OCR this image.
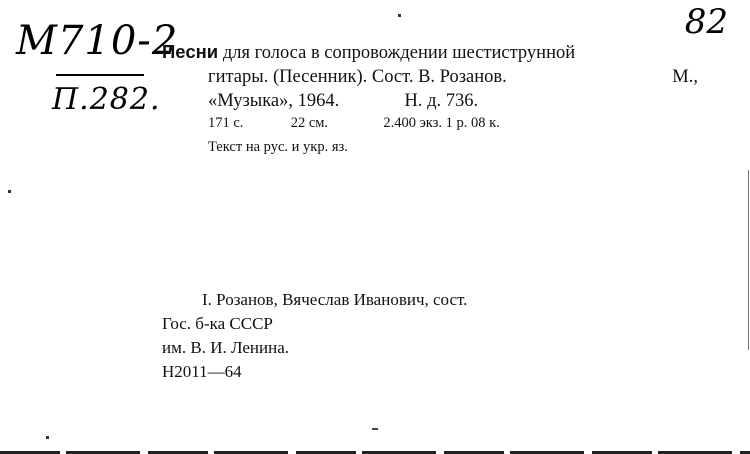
M710-2
П.282.
82
Песни для голоса в сопровождении шестиструнной
гитары. (Песенник). Сост. В. Розанов.	М.,
«Музыка», 1964.	Н. д. 736.
171 с.	22 см.	2.400 экз. 1 р. 08 к.
Текст на рус. и укр. яз.
I. Розанов, Вячеслав Иванович, сост.
Гос. б-ка СССР
им. В. И. Ленина.
Н2011—64
